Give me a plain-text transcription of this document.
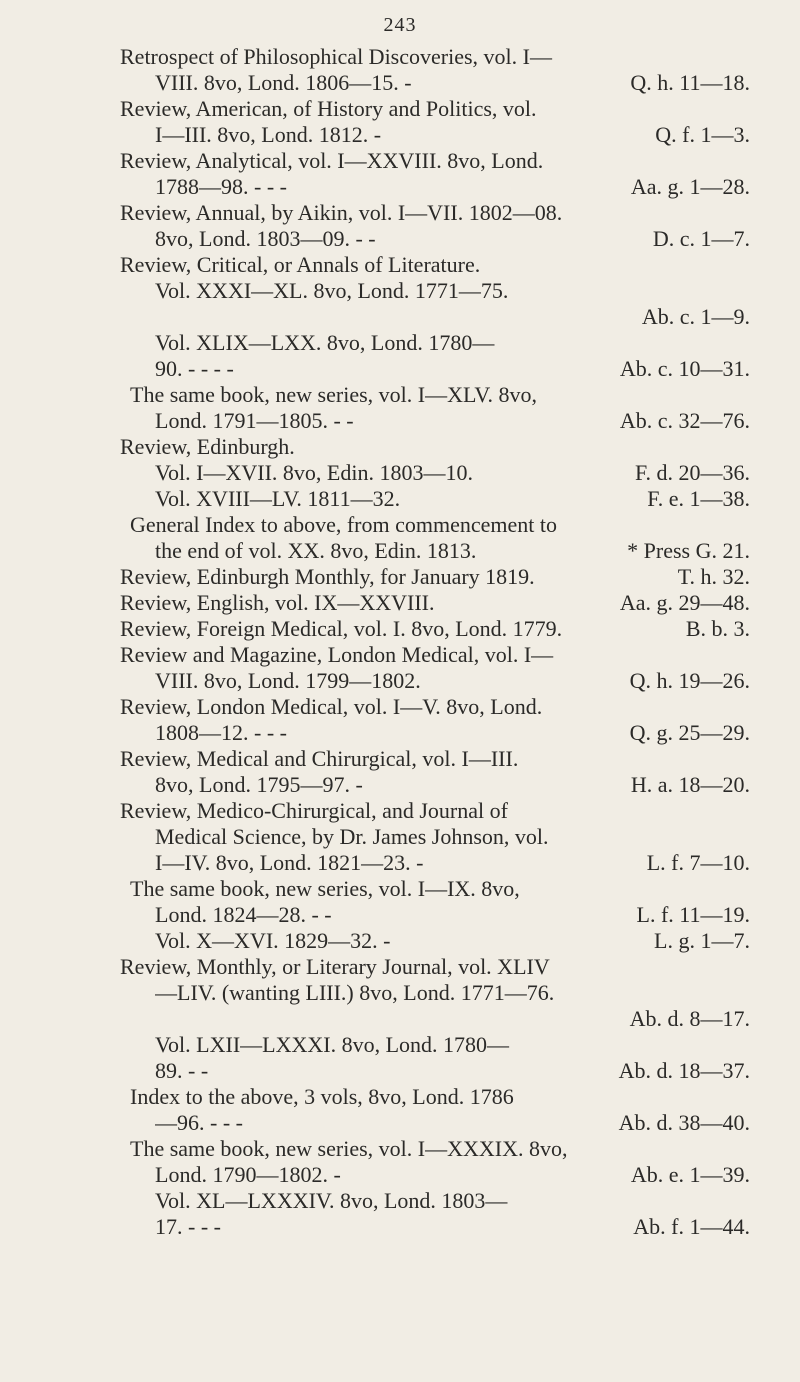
243
Retrospect of Philosophical Discoveries, vol. I—
VIII. 8vo, Lond. 1806—15. -	Q. h. 11—18.
Review, American, of History and Politics, vol.
I—III. 8vo, Lond. 1812. -	Q. f. 1—3.
Review, Analytical, vol. I—XXVIII. 8vo, Lond.
1788—98. - - -	Aa. g. 1—28.
Review, Annual, by Aikin, vol. I—VII. 1802—08.
8vo, Lond. 1803—09. - -	D. c. 1—7.
Review, Critical, or Annals of Literature.
Vol. XXXI—XL. 8vo, Lond. 1771—75.
Ab. c. 1—9.
Vol. XLIX—LXX. 8vo, Lond. 1780—
90. - - - -	Ab. c. 10—31.
The same book, new series, vol. I—XLV. 8vo,
Lond. 1791—1805. - -	Ab. c. 32—76.
Review, Edinburgh.
Vol. I—XVII. 8vo, Edin. 1803—10.	F. d. 20—36.
Vol. XVIII—LV. 1811—32.	F. e. 1—38.
General Index to above, from commencement to
the end of vol. XX. 8vo, Edin. 1813.	* Press G. 21.
Review, Edinburgh Monthly, for January 1819.	T. h. 32.
Review, English, vol. IX—XXVIII.	Aa. g. 29—48.
Review, Foreign Medical, vol. I. 8vo, Lond. 1779.	B. b. 3.
Review and Magazine, London Medical, vol. I—
VIII. 8vo, Lond. 1799—1802.	Q. h. 19—26.
Review, London Medical, vol. I—V. 8vo, Lond.
1808—12. - - -	Q. g. 25—29.
Review, Medical and Chirurgical, vol. I—III.
8vo, Lond. 1795—97. -	H. a. 18—20.
Review, Medico-Chirurgical, and Journal of
Medical Science, by Dr. James Johnson, vol.
I—IV. 8vo, Lond. 1821—23. -	L. f. 7—10.
The same book, new series, vol. I—IX. 8vo,
Lond. 1824—28. - -	L. f. 11—19.
Vol. X—XVI. 1829—32. -	L. g. 1—7.
Review, Monthly, or Literary Journal, vol. XLIV
—LIV. (wanting LIII.) 8vo, Lond. 1771—76.
Ab. d. 8—17.
Vol. LXII—LXXXI. 8vo, Lond. 1780—
89. - -	Ab. d. 18—37.
Index to the above, 3 vols, 8vo, Lond. 1786
—96. - - -	Ab. d. 38—40.
The same book, new series, vol. I—XXXIX. 8vo,
Lond. 1790—1802. -	Ab. e. 1—39.
Vol. XL—LXXXIV. 8vo, Lond. 1803—
17. - - -	Ab. f. 1—44.
